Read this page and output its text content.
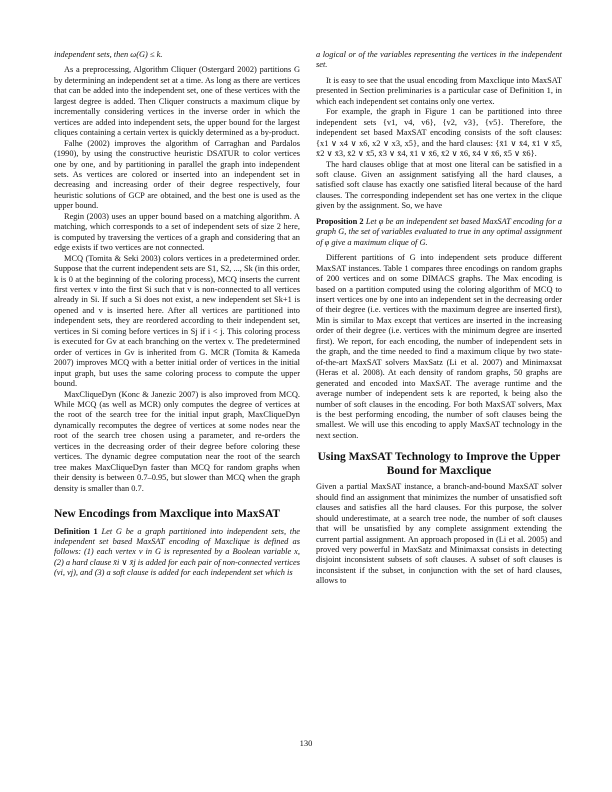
independent sets, then ω(G) ≤ k.

As a preprocessing, Algorithm Cliquer (Ostergard 2002) partitions G by determining an independent set at a time. As long as there are vertices that can be added into the independent set, one of these vertices with the largest degree is added. Then Cliquer constructs a maximum clique by incrementally considering vertices in the inverse order in which the vertices are added into independent sets, the upper bound for the largest cliques containing a certain vertex is quickly determined as a by-product.

Falhe (2002) improves the algorithm of Carraghan and Pardalos (1990), by using the constructive heuristic DSATUR to color vertices one by one, and by partitioning in parallel the graph into independent sets. As vertices are colored or inserted into an independent set in decreasing and increasing order of their degree respectively, four heuristic solutions of GCP are obtained, and the best one is used as the upper bound.

Regin (2003) uses an upper bound based on a matching algorithm. A matching, which corresponds to a set of independent sets of size 2 here, is computed by traversing the vertices of a graph and considering that an edge exists if two vertices are not connected.

MCQ (Tomita & Seki 2003) colors vertices in a predetermined order. Suppose that the current independent sets are S1, S2, ..., Sk (in this order, k is 0 at the beginning of the coloring process), MCQ inserts the current first vertex v into the first Si such that v is non-connected to all vertices already in Si. If such a Si does not exist, a new independent set Sk+1 is opened and v is inserted here. After all vertices are partitioned into independent sets, they are reordered according to their independent set, vertices in Si coming before vertices in Sj if i < j. This coloring process is executed for Gv at each branching on the vertex v. The predetermined order of vertices in Gv is inherited from G. MCR (Tomita & Kameda 2007) improves MCQ with a better initial order of vertices in the initial input graph, but uses the same coloring process to compute the upper bound.

MaxCliqueDyn (Konc & Janezic 2007) is also improved from MCQ. While MCQ (as well as MCR) only computes the degree of vertices at the root of the search tree for the initial input graph, MaxCliqueDyn dynamically recomputes the degree of vertices at some nodes near the root of the search tree chosen using a parameter, and re-orders the vertices in the decreasing order of their degree before coloring these vertices. The dynamic degree computation near the root of the search tree makes MaxCliqueDyn faster than MCQ for random graphs when their density is between 0.7–0.95, but slower than MCQ when the graph density is smaller than 0.7.

New Encodings from Maxclique into MaxSAT

Definition 1 Let G be a graph partitioned into independent sets, the independent set based MaxSAT encoding of Maxclique is defined as follows: (1) each vertex v in G is represented by a Boolean variable x, (2) a hard clause x̄i ∨ x̄j is added for each pair of non-connected vertices (vi, vj), and (3) a soft clause is added for each independent set which is

a logical or of the variables representing the vertices in the independent set.

It is easy to see that the usual encoding from Maxclique into MaxSAT presented in Section preliminaries is a particular case of Definition 1, in which each independent set contains only one vertex.

For example, the graph in Figure 1 can be partitioned into three independent sets {v1, v4, v6}, {v2, v3}, {v5}. Therefore, the independent set based MaxSAT encoding consists of the soft clauses: {x1 ∨ x4 ∨ x6, x2 ∨ x3, x5}, and the hard clauses: {x̄1 ∨ x̄4, x̄1 ∨ x̄5, x̄2 ∨ x̄3, x̄2 ∨ x̄5, x̄3 ∨ x̄4, x̄1 ∨ x̄6, x̄2 ∨ x̄6, x̄4 ∨ x̄6, x̄5 ∨ x̄6}.

The hard clauses oblige that at most one literal can be satisfied in a soft clause. Given an assignment satisfying all the hard clauses, a satisfied soft clause has exactly one satisfied literal because of the hard clauses. The corresponding independent set has one vertex in the clique given by the assignment. So, we have

Proposition 2 Let φ be an independent set based MaxSAT encoding for a graph G, the set of variables evaluated to true in any optimal assignment of φ give a maximum clique of G.

Different partitions of G into independent sets produce different MaxSAT instances. Table 1 compares three encodings on random graphs of 200 vertices and on some DIMACS graphs. The Max encoding is based on a partition computed using the coloring algorithm of MCQ to insert vertices one by one into an independent set in the decreasing order of their degree (i.e. vertices with the maximum degree are inserted first), Min is similar to Max except that vertices are inserted in the increasing order of their degree (i.e. vertices with the minimum degree are inserted first). We report, for each encoding, the number of independent sets in the graph, and the time needed to find a maximum clique by two state-of-the-art MaxSAT solvers MaxSatz (Li et al. 2007) and Minimaxsat (Heras et al. 2008). At each density of random graphs, 50 graphs are generated and encoded into MaxSAT. The average runtime and the average number of independent sets k are reported, k being also the number of soft clauses in the encoding. For both MaxSAT solvers, Max is the best performing encoding, the number of soft clauses being the smallest. We will use this encoding to apply MaxSAT technology in the next section.

Using MaxSAT Technology to Improve the Upper Bound for Maxclique

Given a partial MaxSAT instance, a branch-and-bound MaxSAT solver should find an assignment that minimizes the number of unsatisfied soft clauses and satisfies all the hard clauses. For this purpose, the solver should underestimate, at a search tree node, the number of soft clauses that will be unsatisfied by any complete assignment extending the current partial assignment. An approach proposed in (Li et al. 2005) and proved very powerful in MaxSatz and Minimaxsat consists in detecting disjoint inconsistent subsets of soft clauses. A subset of soft clauses is inconsistent if the subset, in conjunction with the set of hard clauses, allows to

130
